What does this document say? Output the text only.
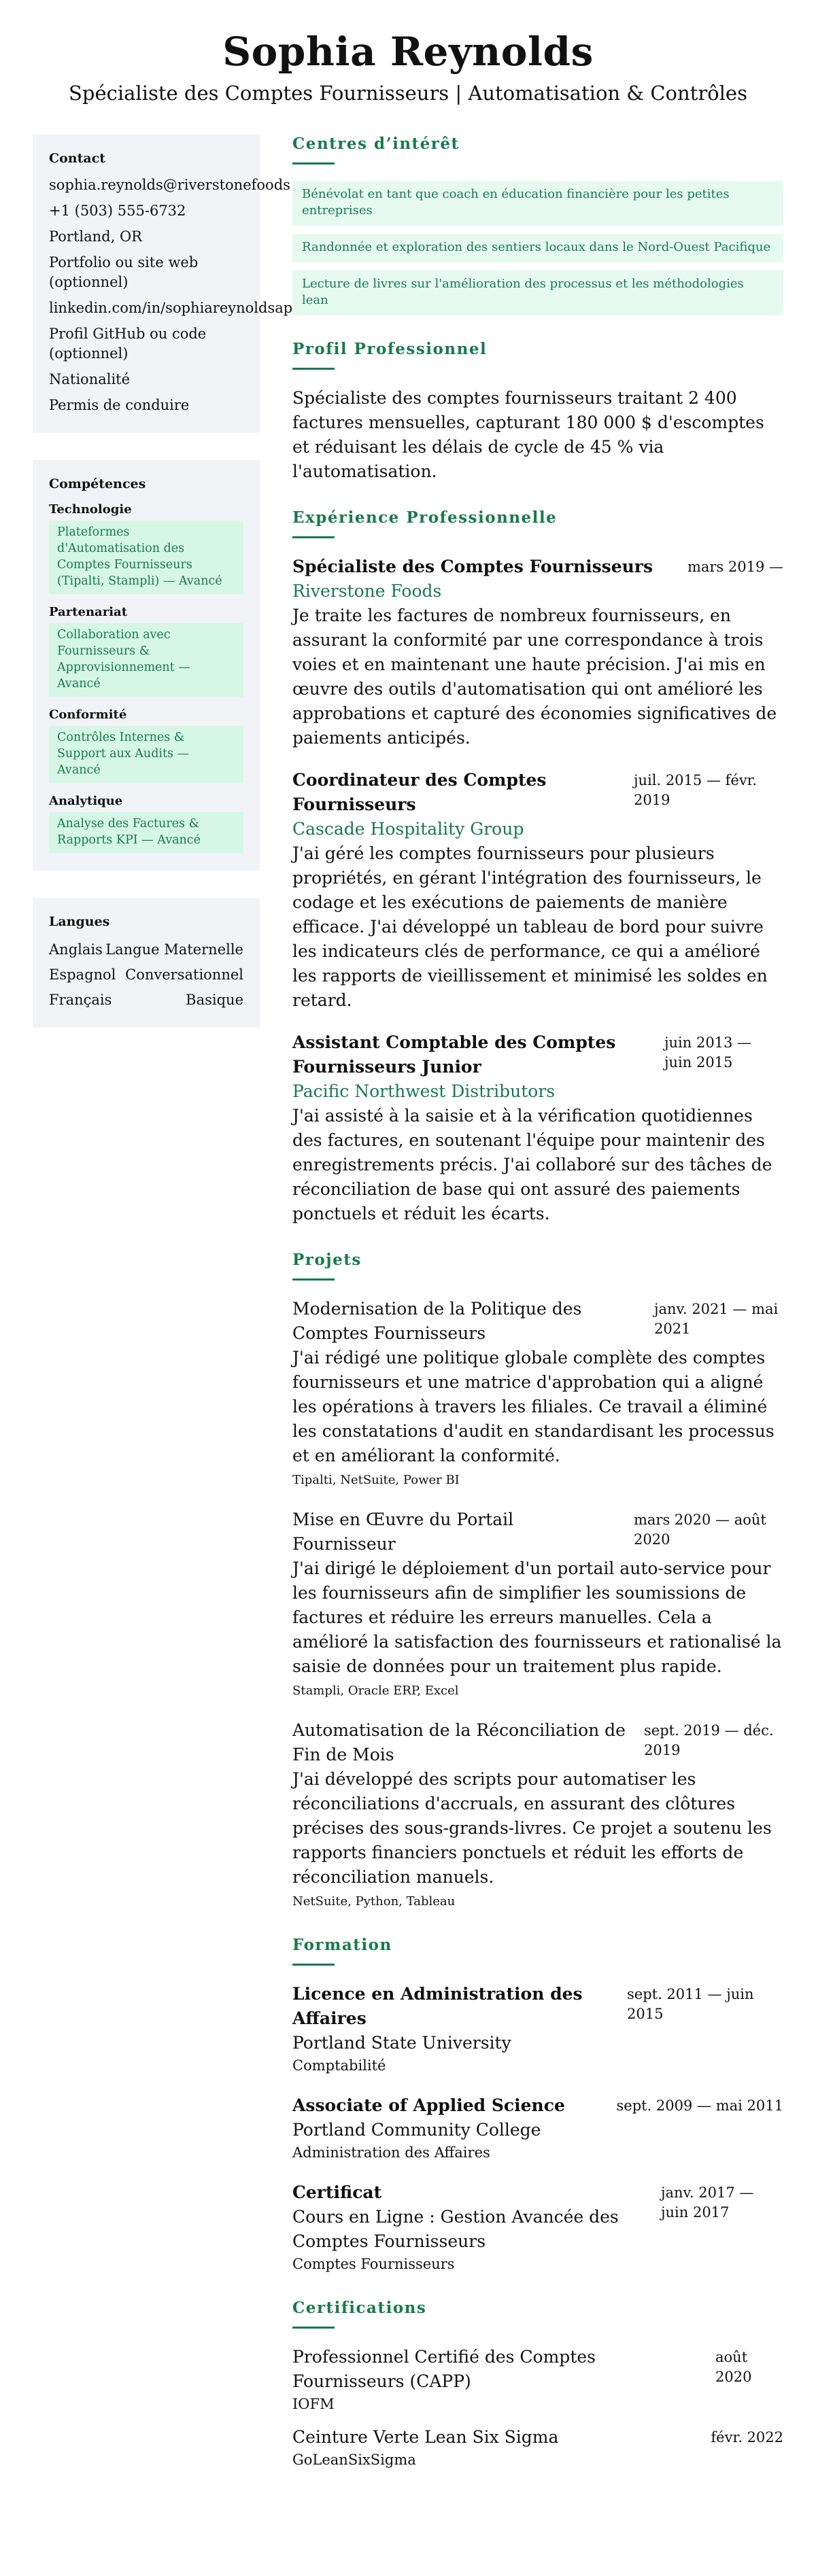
Sophia Reynolds
Spécialiste des Comptes Fournisseurs | Automatisation & Contrôles
Contact
sophia.reynolds@riverstonefoods
+1 (503) 555-6732
Portland, OR
Portfolio ou site web (optionnel)
linkedin.com/in/sophiareynoldsap
Profil GitHub ou code (optionnel)
Nationalité
Permis de conduire
Compétences
Technologie
Plateformes d'Automatisation des Comptes Fournisseurs (Tipalti, Stampli) — Avancé
Partenariat
Collaboration avec Fournisseurs & Approvisionnement — Avancé
Conformité
Contrôles Internes & Support aux Audits — Avancé
Analytique
Analyse des Factures & Rapports KPI — Avancé
Langues
Anglais Langue Maternelle
Espagnol Conversationnel
Français	Basique
Centres d’intérêt
Bénévolat en tant que coach en éducation financière pour les petites entreprises
Randonnée et exploration des sentiers locaux dans le Nord-Ouest Pacifique
Lecture de livres sur l'amélioration des processus et les méthodologies lean
Profil Professionnel
Spécialiste des comptes fournisseurs traitant 2 400 factures mensuelles, capturant 180 000 $ d'escomptes et réduisant les délais de cycle de 45 % via l'automatisation.
Expérience Professionnelle
Spécialiste des Comptes Fournisseurs mars 2019 —
Riverstone Foods
Je traite les factures de nombreux fournisseurs, en assurant la conformité par une correspondance à trois voies et en maintenant une haute précision. J'ai mis en œuvre des outils d'automatisation qui ont amélioré les approbations et capturé des économies significatives de paiements anticipés.
Coordinateur des Comptes Fournisseurs
juil. 2015 — févr. 2019
Cascade Hospitality Group
J'ai géré les comptes fournisseurs pour plusieurs propriétés, en gérant l'intégration des fournisseurs, le codage et les exécutions de paiements de manière efficace. J'ai développé un tableau de bord pour suivre les indicateurs clés de performance, ce qui a amélioré les rapports de vieillissement et minimisé les soldes en retard.
Assistant Comptable des Comptes Fournisseurs Junior
juin 2013 — juin 2015
Pacific Northwest Distributors
J'ai assisté à la saisie et à la vérification quotidiennes des factures, en soutenant l'équipe pour maintenir des enregistrements précis. J'ai collaboré sur des tâches de réconciliation de base qui ont assuré des paiements ponctuels et réduit les écarts.
Projets
Modernisation de la Politique des Comptes Fournisseurs
janv. 2021 — mai 2021
J'ai rédigé une politique globale complète des comptes fournisseurs et une matrice d'approbation qui a aligné les opérations à travers les filiales. Ce travail a éliminé les constatations d'audit en standardisant les processus et en améliorant la conformité.
Tipalti, NetSuite, Power BI
Mise en Œuvre du Portail Fournisseur
mars 2020 — août 2020
J'ai dirigé le déploiement d'un portail auto-service pour les fournisseurs afin de simplifier les soumissions de factures et réduire les erreurs manuelles. Cela a amélioré la satisfaction des fournisseurs et rationalisé la saisie de données pour un traitement plus rapide.
Stampli, Oracle ERP, Excel
Automatisation de la Réconciliation de Fin de Mois
sept. 2019 — déc. 2019
J'ai développé des scripts pour automatiser les réconciliations d'accruals, en assurant des clôtures précises des sous-grands-livres. Ce projet a soutenu les rapports financiers ponctuels et réduit les efforts de réconciliation manuels.
NetSuite, Python, Tableau
Formation
Licence en Administration des Affaires
sept. 2011 — juin 2015
Portland State University
Comptabilité
Associate of Applied Science	sept. 2009 — mai 2011
Portland Community College
Administration des Affaires
Certificat
Cours en Ligne : Gestion Avancée des Comptes Fournisseurs
janv. 2017 — juin 2017
Comptes Fournisseurs
Certifications
Professionnel Certifié des Comptes Fournisseurs (CAPP)
août 2020
IOFM
Ceinture Verte Lean Six Sigma	févr. 2022
GoLeanSixSigma
